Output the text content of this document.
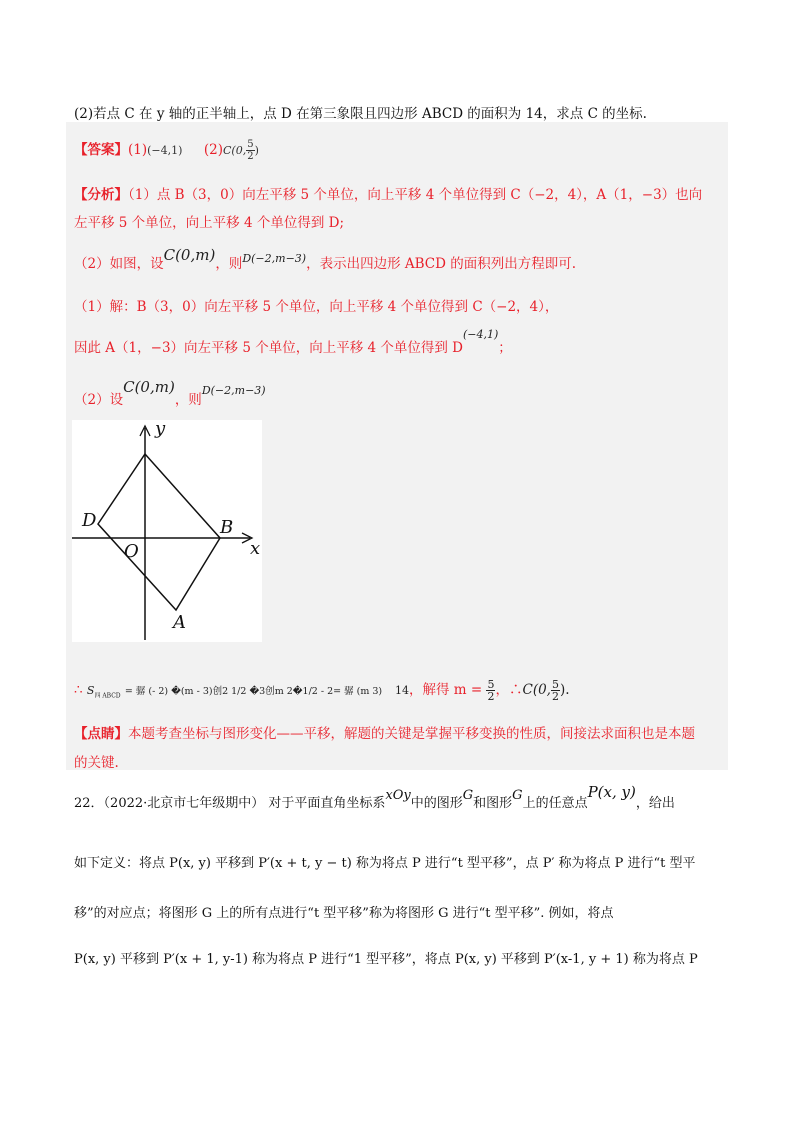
(2)若点 C 在 y 轴的正半轴上，点 D 在第三象限且四边形 ABCD 的面积为 14，求点 C 的坐标.
【答案】(1)(−4,1) (2)C(0, $\frac{5}{2}$ )
【分析】（1）点 B（3，0）向左平移 5 个单位，向上平移 4 个单位得到 C（−2，4），A（1，−3）也向
左平移 5 个单位，向上平移 4 个单位得到 D;
（2）如图，设C(0,m)，则$^{D(-2,m-3)}$，表示出四边形 ABCD 的面积列出方程即可.
（1）解：B（3，0）向左平移 5 个单位，向上平移 4 个单位得到 C（−2，4），
因此 A（1，−3）向左平移 5 个单位，向上平移 4 个单位得到 $D^{(-4,1)}$；
（2）设C(0,m)，则$^{D(-2,m-3)}$
y
x
O
D	B
A
∴ $S_{四 ABCD}$ = 骣 (- 2) �(m - 3)创2 1/2 �3创m 2�1/2 - 2= 骣 (m 3) 14，解得 $m = \frac{5}{2}$ ，∴C(0, $\frac{5}{2}$ ).
【点睛】本题考查坐标与图形变化——平移，解题的关键是掌握平移变换的性质，间接法求面积也是本题
的关键.
22．（2022·北京市七年级期中） 对于平面直角坐标系xOy中的图形G和图形G上的任意点P(x, y)，给出
如下定义：将点 P(x, y) 平移到 P′(x + t, y − t) 称为将点 P 进行“t 型平移”，点 P′ 称为将点 P 进行“t 型平
移”的对应点；将图形 G 上的所有点进行“t 型平移”称为将图形 G 进行“t 型平移”. 例如，将点
P(x, y) 平移到 P′(x + 1, y-1) 称为将点 P 进行“1 型平移”，将点 P(x, y) 平移到 P′(x-1, y + 1) 称为将点 P
